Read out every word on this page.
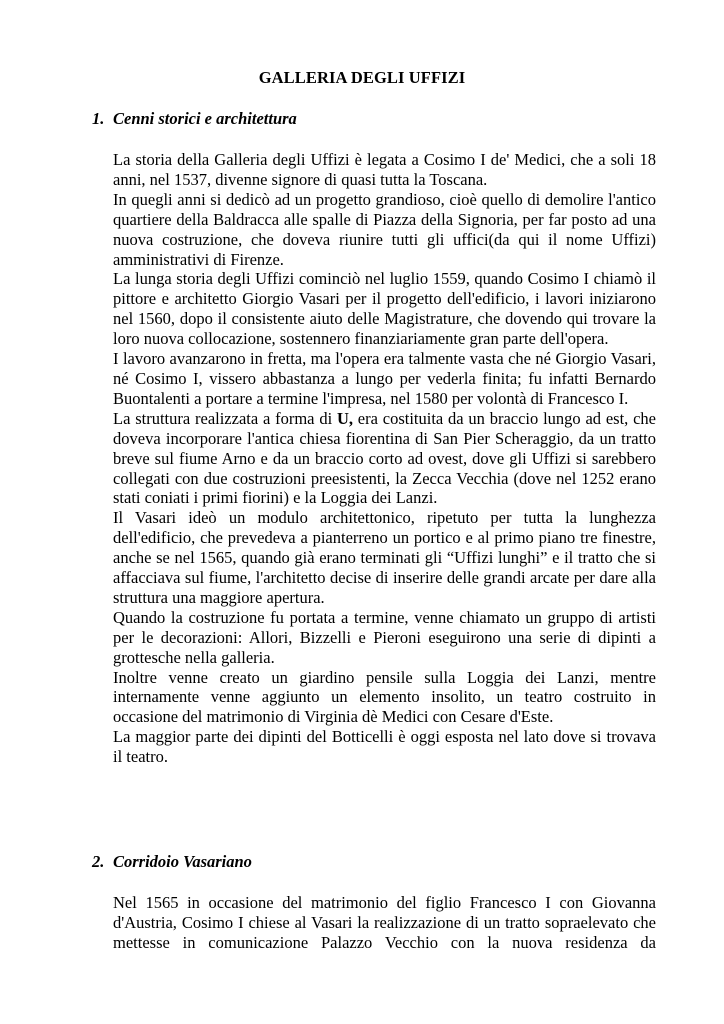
GALLERIA DEGLI UFFIZI
1. Cenni storici e architettura

La storia della Galleria degli Uffizi è legata a Cosimo I de' Medici, che a soli 18 anni, nel 1537, divenne signore di quasi tutta la Toscana.

In quegli anni si dedicò ad un progetto grandioso, cioè quello di demolire l'antico quartiere della Baldracca alle spalle di Piazza della Signoria, per far posto ad una nuova costruzione, che doveva riunire tutti gli uffici(da qui il nome Uffizi) amministrativi di Firenze.

La lunga storia degli Uffizi cominciò nel luglio 1559, quando Cosimo I chiamò il pittore e architetto Giorgio Vasari per il progetto dell'edificio, i lavori iniziarono nel 1560, dopo il consistente aiuto delle Magistrature, che dovendo qui trovare la loro nuova collocazione, sostennero finanziariamente gran parte dell'opera.

I lavoro avanzarono in fretta, ma l'opera era talmente vasta che né Giorgio Vasari, né Cosimo I, vissero abbastanza a lungo per vederla finita; fu infatti Bernardo Buontalenti a portare a termine l'impresa, nel 1580 per volontà di Francesco I.

La struttura realizzata a forma di U, era costituita da un braccio lungo ad est, che doveva incorporare l'antica chiesa fiorentina di San Pier Scheraggio, da un tratto breve sul fiume Arno e da un braccio corto ad ovest, dove gli Uffizi si sarebbero collegati con due costruzioni preesistenti, la Zecca Vecchia (dove nel 1252 erano stati coniati i primi fiorini) e la Loggia dei Lanzi.

Il Vasari ideò un modulo architettonico, ripetuto per tutta la lunghezza dell'edificio, che prevedeva a pianterreno un portico e al primo piano tre finestre, anche se nel 1565, quando già erano terminati gli “Uffizi lunghi” e il tratto che si affacciava sul fiume, l'architetto decise di inserire delle grandi arcate per dare alla struttura una maggiore apertura.

Quando la costruzione fu portata a termine, venne chiamato un gruppo di artisti per le decorazioni: Allori, Bizzelli e Pieroni eseguirono una serie di dipinti a grottesche nella galleria.

Inoltre venne creato un giardino pensile sulla Loggia dei Lanzi, mentre internamente venne aggiunto un elemento insolito, un teatro costruito in occasione del matrimonio di Virginia dè Medici con Cesare d'Este.

La maggior parte dei dipinti del Botticelli è oggi esposta nel lato dove si trovava il teatro.

2. Corridoio Vasariano

Nel 1565 in occasione del matrimonio del figlio Francesco I con Giovanna d'Austria, Cosimo I chiese al Vasari la realizzazione di un tratto sopraelevato che mettesse in comunicazione Palazzo Vecchio con la nuova residenza da
